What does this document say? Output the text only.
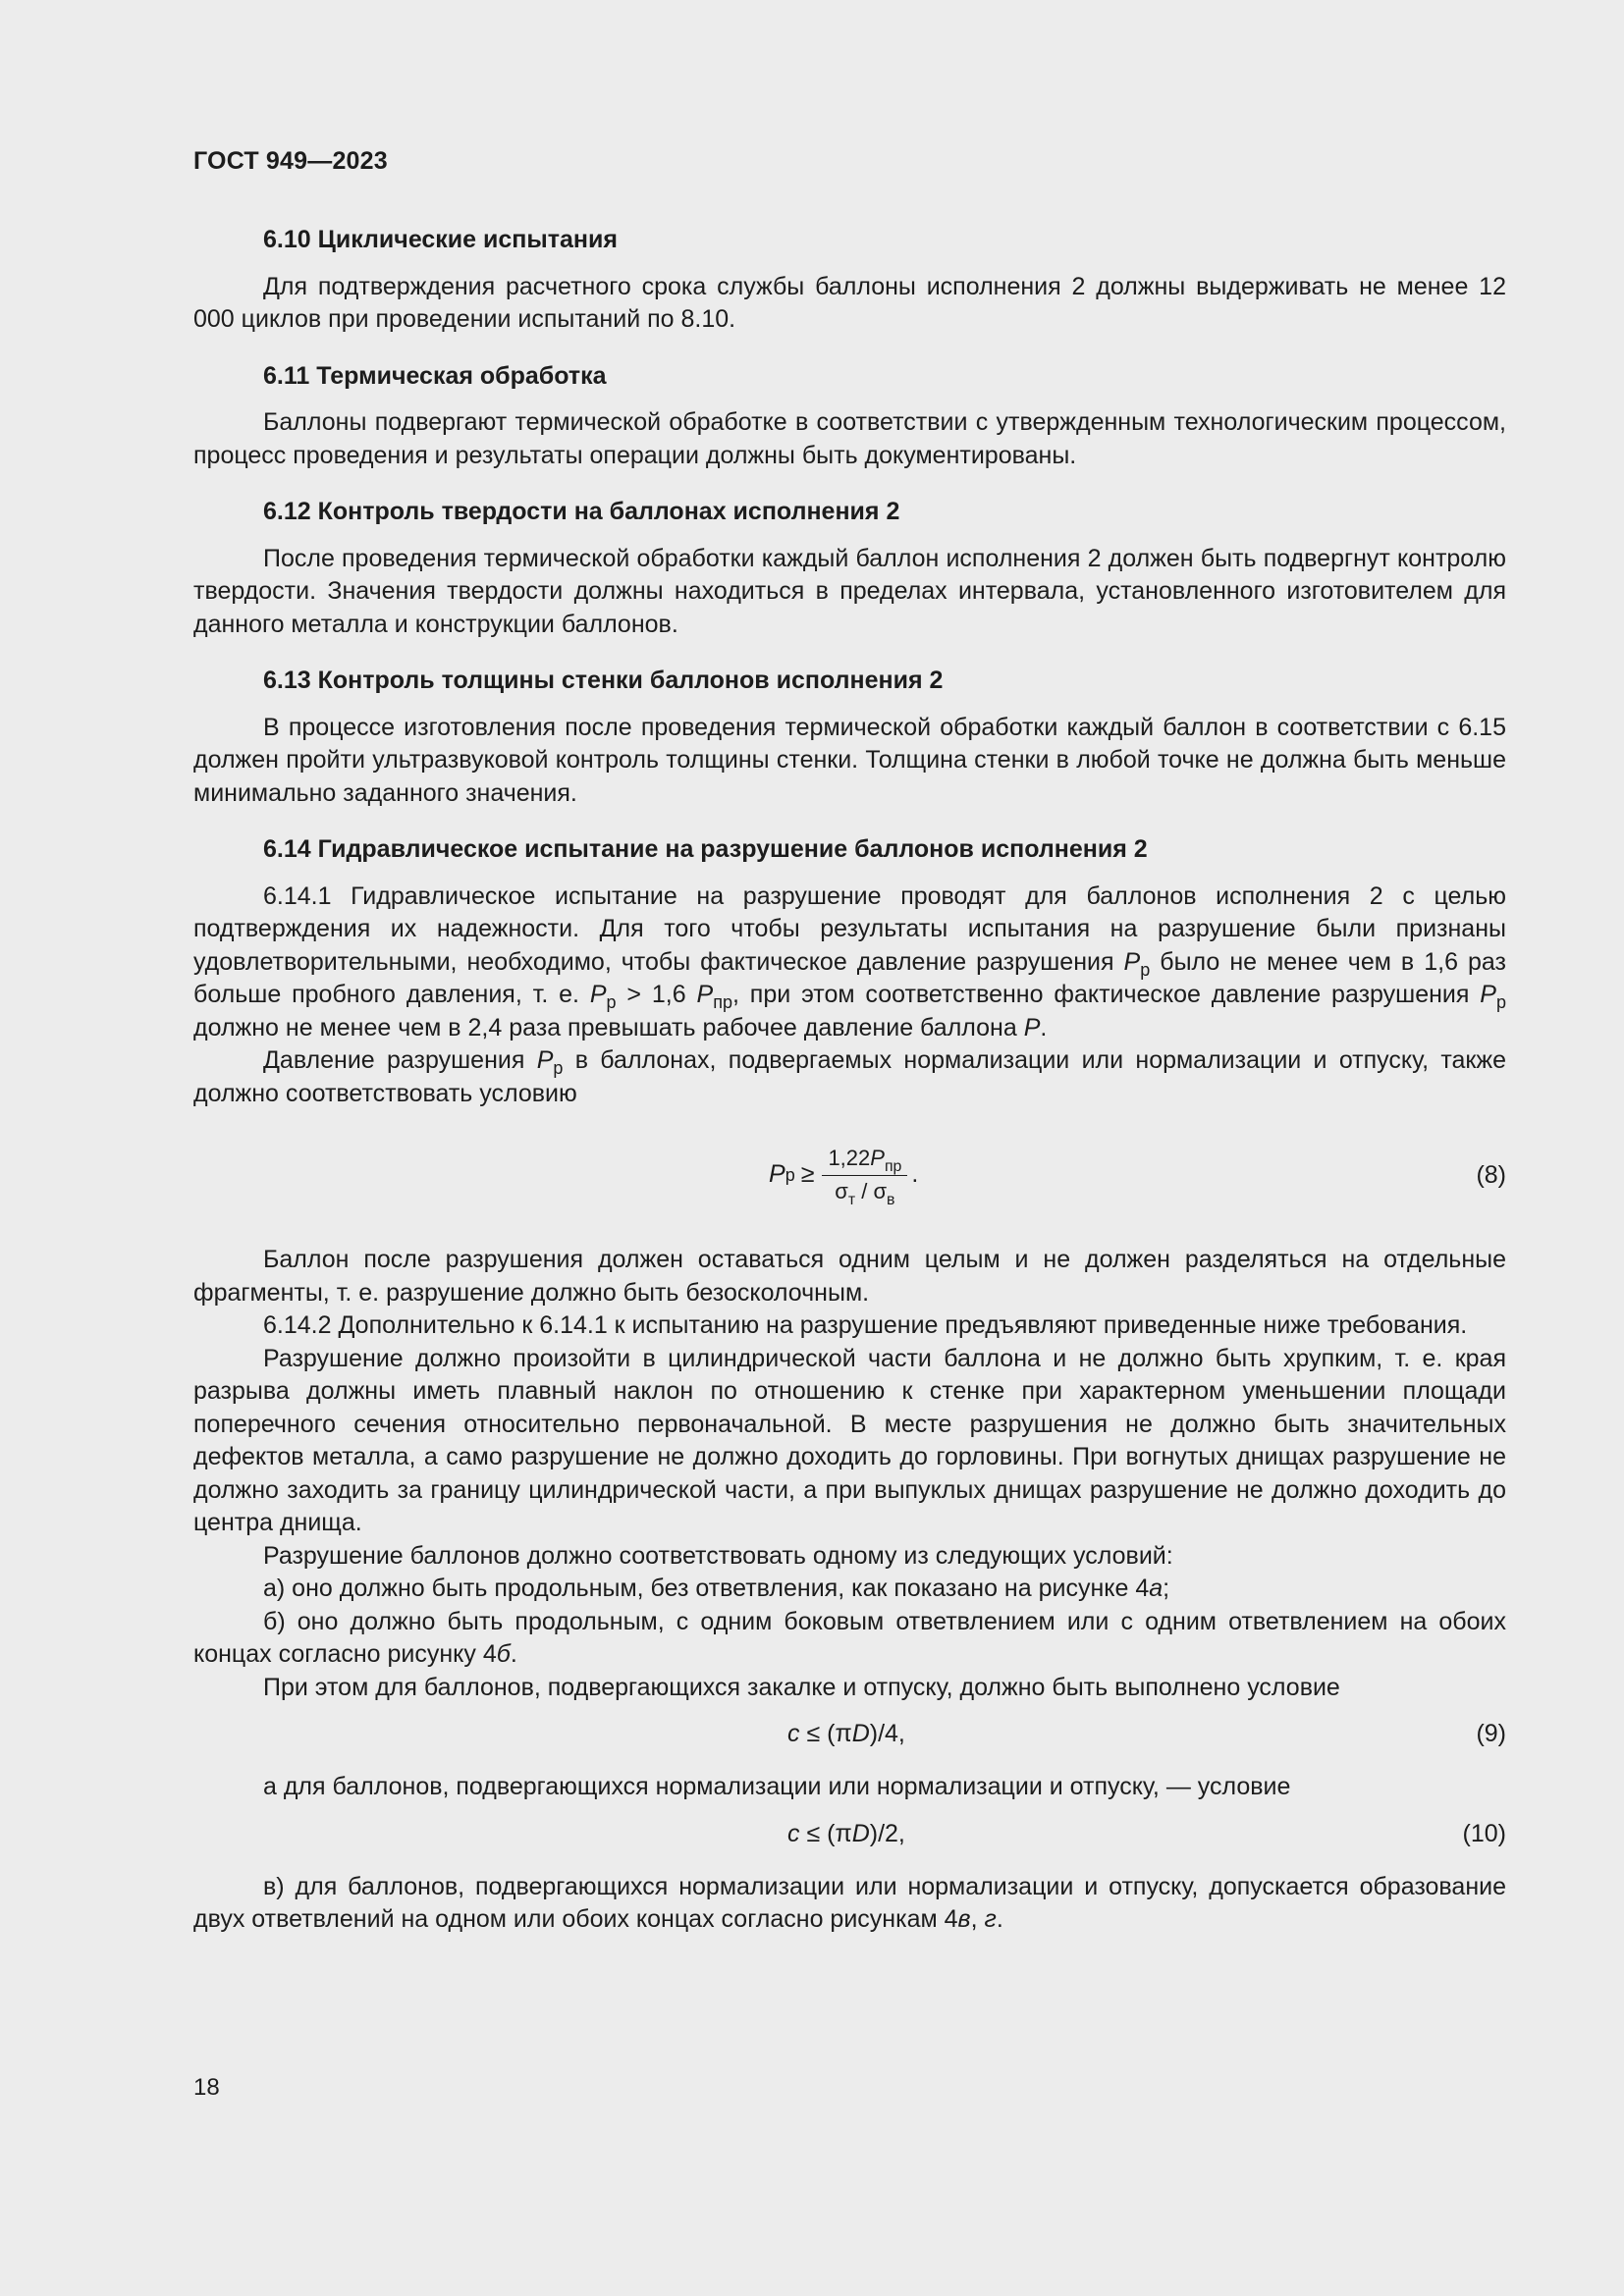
ГОСТ 949—2023

6.10 Циклические испытания

Для подтверждения расчетного срока службы баллоны исполнения 2 должны выдерживать не менее 12 000 циклов при проведении испытаний по 8.10.

6.11 Термическая обработка

Баллоны подвергают термической обработке в соответствии с утвержденным технологическим процессом, процесс проведения и результаты операции должны быть документированы.

6.12 Контроль твердости на баллонах исполнения 2

После проведения термической обработки каждый баллон исполнения 2 должен быть подвергнут контролю твердости. Значения твердости должны находиться в пределах интервала, установленного изготовителем для данного металла и конструкции баллонов.

6.13 Контроль толщины стенки баллонов исполнения 2

В процессе изготовления после проведения термической обработки каждый баллон в соответствии с 6.15 должен пройти ультразвуковой контроль толщины стенки. Толщина стенки в любой точке не должна быть меньше минимально заданного значения.

6.14 Гидравлическое испытание на разрушение баллонов исполнения 2

6.14.1 Гидравлическое испытание на разрушение проводят для баллонов исполнения 2 с целью подтверждения их надежности. Для того чтобы результаты испытания на разрушение были признаны удовлетворительными, необходимо, чтобы фактическое давление разрушения $P_р$ было не менее чем в 1,6 раз больше пробного давления, т. е. $P_р > 1,6$ $P_{пр}$, при этом соответственно фактическое давление разрушения $P_р$ должно не менее чем в 2,4 раза превышать рабочее давление баллона P.

Давление разрушения $P_р$ в баллонах, подвергаемых нормализации или нормализации и отпуску, также должно соответствовать условию

P $р \ge \frac{1,22P_{пр}}{\sigma_т / \sigma_в}$ .	(8)

Баллон после разрушения должен оставаться одним целым и не должен разделяться на отдельные фрагменты, т. е. разрушение должно быть безосколочным.

6.14.2 Дополнительно к 6.14.1 к испытанию на разрушение предъявляют приведенные ниже требования.

Разрушение должно произойти в цилиндрической части баллона и не должно быть хрупким, т. е. края разрыва должны иметь плавный наклон по отношению к стенке при характерном уменьшении площади поперечного сечения относительно первоначальной. В месте разрушения не должно быть значительных дефектов металла, а само разрушение не должно доходить до горловины. При вогнутых днищах разрушение не должно заходить за границу цилиндрической части, а при выпуклых днищах разрушение не должно доходить до центра днища.

Разрушение баллонов должно соответствовать одному из следующих условий:

а) оно должно быть продольным, без ответвления, как показано на рисунке 4а;

б) оно должно быть продольным, с одним боковым ответвлением или с одним ответвлением на обоих концах согласно рисунку 4б.

При этом для баллонов, подвергающихся закалке и отпуску, должно быть выполнено условие

c ≤ (πD)/4,	(9)

а для баллонов, подвергающихся нормализации или нормализации и отпуску, — условие

c ≤ (πD)/2,	(10)

в) для баллонов, подвергающихся нормализации или нормализации и отпуску, допускается образование двух ответвлений на одном или обоих концах согласно рисункам 4в, г.

18
